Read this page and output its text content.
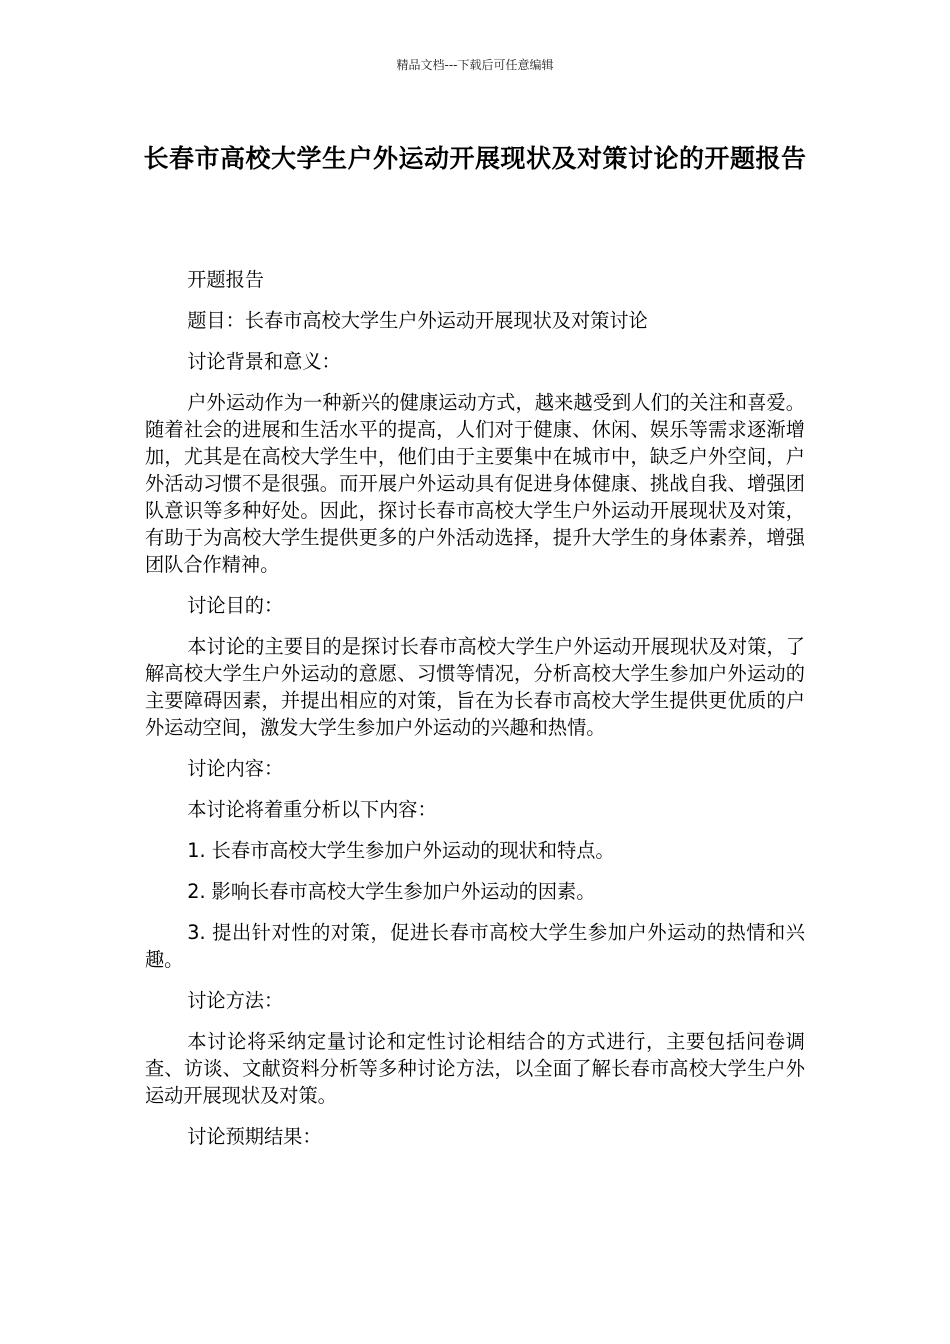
精品文档---下载后可任意编辑
长春市高校大学生户外运动开展现状及对策讨论的开题报告

开题报告

题目：长春市高校大学生户外运动开展现状及对策讨论

讨论背景和意义：

户外运动作为一种新兴的健康运动方式，越来越受到人们的关注和喜爱。随着社会的进展和生活水平的提高，人们对于健康、休闲、娱乐等需求逐渐增加，尤其是在高校大学生中，他们由于主要集中在城市中，缺乏户外空间，户外活动习惯不是很强。而开展户外运动具有促进身体健康、挑战自我、增强团队意识等多种好处。因此，探讨长春市高校大学生户外运动开展现状及对策，有助于为高校大学生提供更多的户外活动选择，提升大学生的身体素养，增强团队合作精神。

讨论目的：

本讨论的主要目的是探讨长春市高校大学生户外运动开展现状及对策，了解高校大学生户外运动的意愿、习惯等情况，分析高校大学生参加户外运动的主要障碍因素，并提出相应的对策，旨在为长春市高校大学生提供更优质的户外运动空间，激发大学生参加户外运动的兴趣和热情。

讨论内容：

本讨论将着重分析以下内容：

1. 长春市高校大学生参加户外运动的现状和特点。

2. 影响长春市高校大学生参加户外运动的因素。

3. 提出针对性的对策，促进长春市高校大学生参加户外运动的热情和兴趣。

讨论方法：

本讨论将采纳定量讨论和定性讨论相结合的方式进行，主要包括问卷调查、访谈、文献资料分析等多种讨论方法，以全面了解长春市高校大学生户外运动开展现状及对策。

讨论预期结果：
